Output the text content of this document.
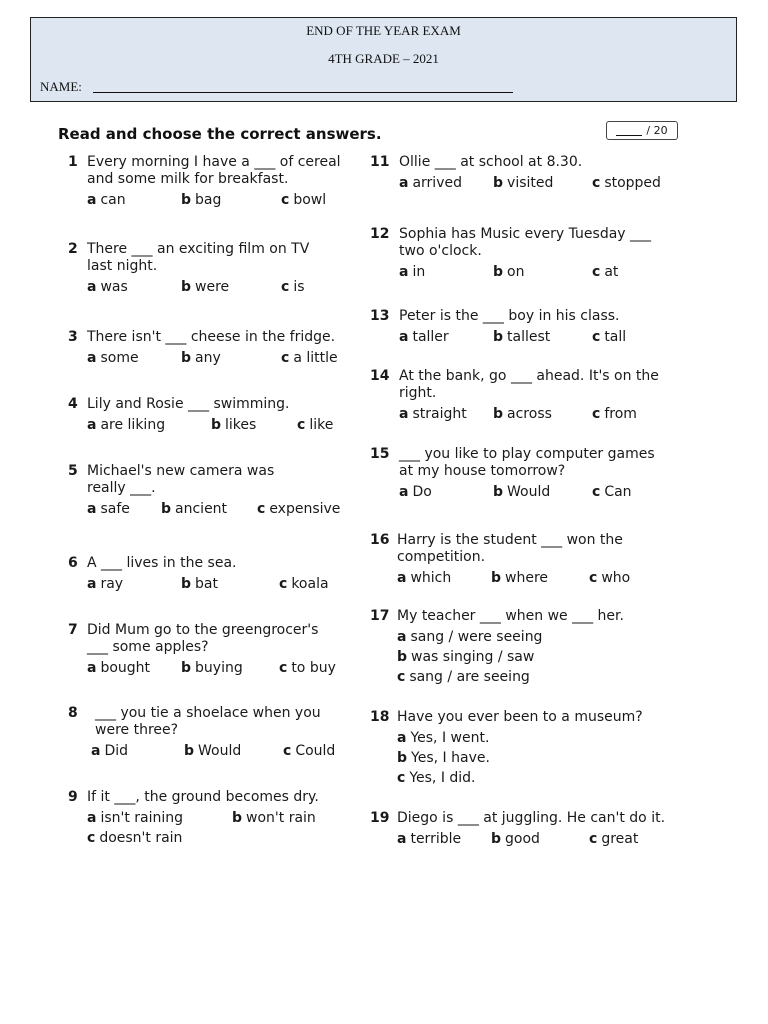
END OF THE YEAR EXAM
4TH GRADE – 2021
NAME:
Read and choose the correct answers.	/ 20
1 Every morning I have a ___ of cereal
and some milk for breakfast.
a can	b bag	c bowl
2 There ___ an exciting film on TV
last night.
a was	b were	c is
3 There isn't ___ cheese in the fridge.
a some	b any	c a little
4 Lily and Rosie ___ swimming.
a are liking	b likes	c like
5 Michael's new camera was
really ___.
a safe b ancient c expensive
6 A ___ lives in the sea.
a ray	b bat	c koala
7 Did Mum go to the greengrocer's
___ some apples?
a bought b buying	c to buy
8 ___ you tie a shoelace when you
were three?
a Did	b Would	c Could
9 If it ___, the ground becomes dry.
a isn't raining	b won't rain
c doesn't rain
11 Ollie ___ at school at 8.30.
a arrived b visited	c stopped
12 Sophia has Music every Tuesday ___
two o'clock.
a in	b on	c at
13 Peter is the ___ boy in his class.
a taller	b tallest	c tall
14 At the bank, go ___ ahead. It's on the
right.
a straight b across	c from
15 ___ you like to play computer games
at my house tomorrow?
a Do	b Would	c Can
16 Harry is the student ___ won the
competition.
a which	b where	c who
17 My teacher ___ when we ___ her.
a sang / were seeing
b was singing / saw
c sang / are seeing
18 Have you ever been to a museum?
a Yes, I went.
b Yes, I have.
c Yes, I did.
19 Diego is ___ at juggling. He can't do it.
a terrible b good	c great
